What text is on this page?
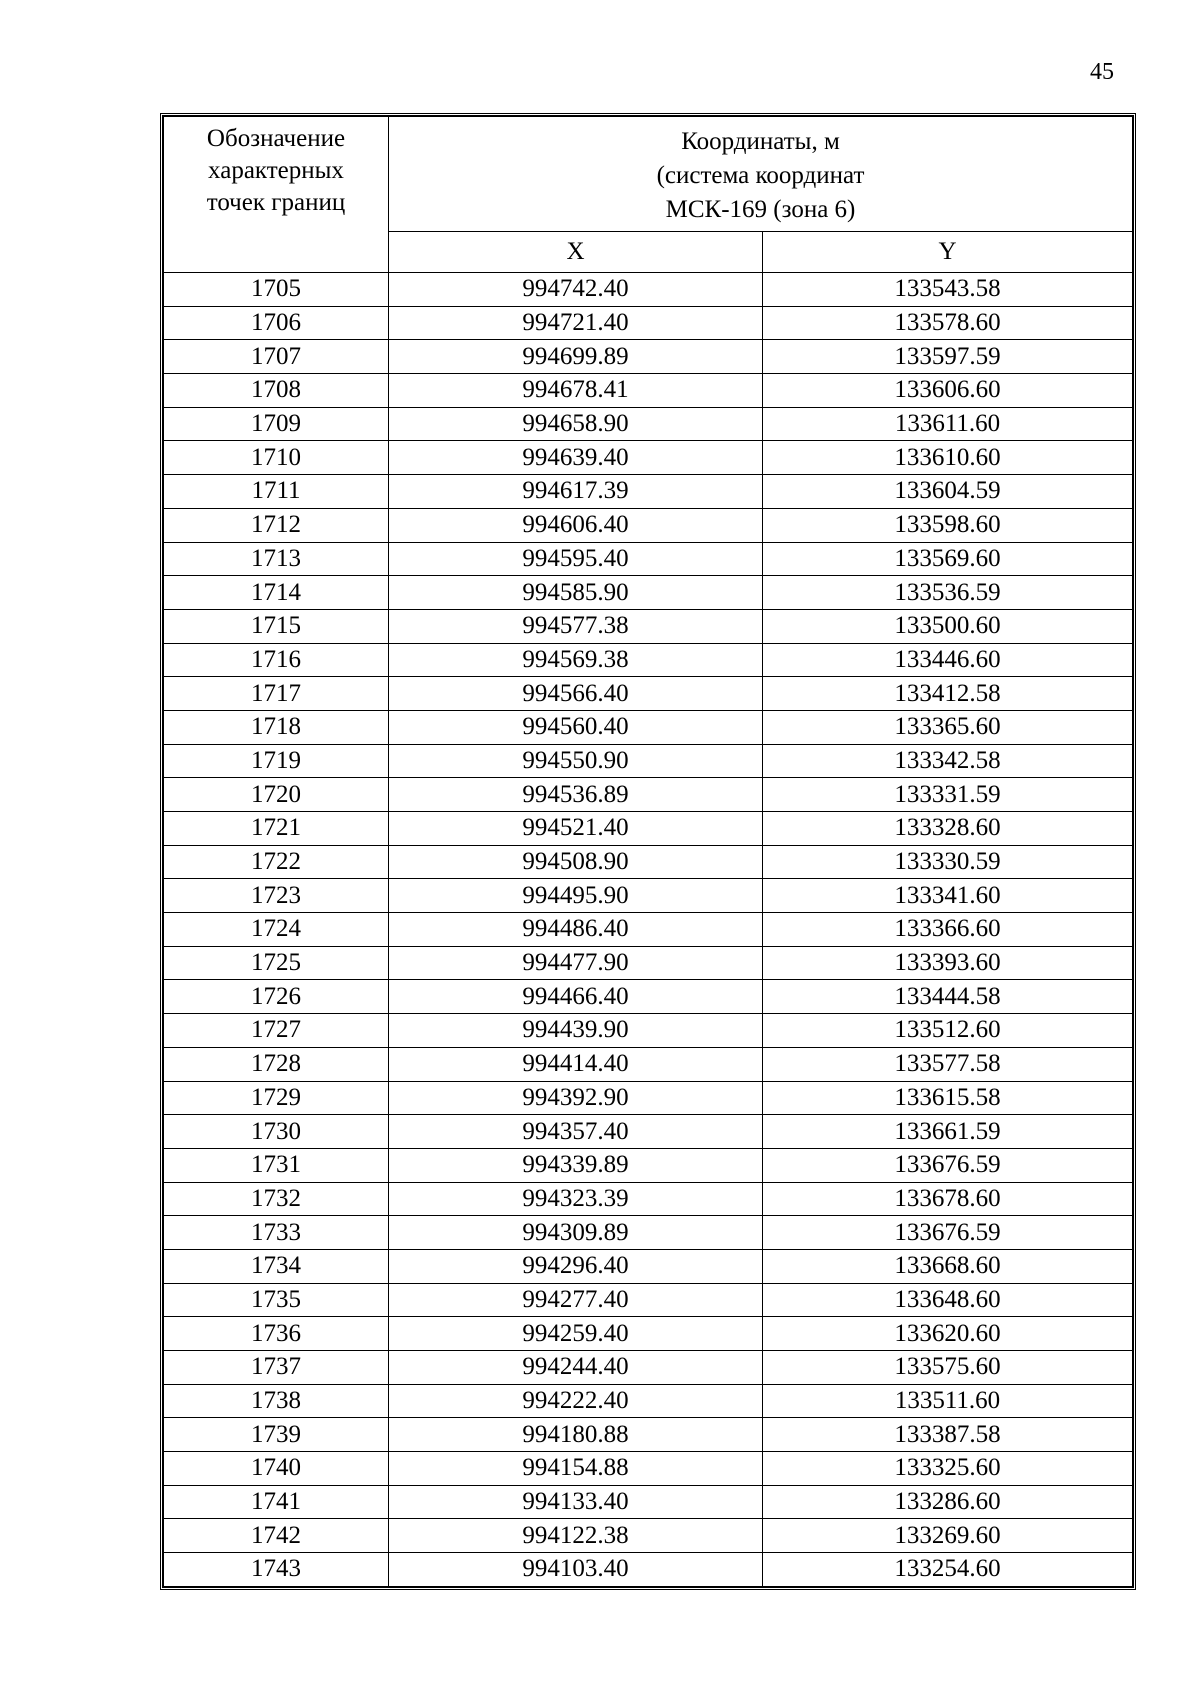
45
Обозначение
характерных
точек границ	Координаты, м
(система координат
МСК-169 (зона 6)	

	X	Y
1705	994742.40	133543.58
1706	994721.40	133578.60
1707	994699.89	133597.59
1708	994678.41	133606.60
1709	994658.90	133611.60
1710	994639.40	133610.60
1711	994617.39	133604.59
1712	994606.40	133598.60
1713	994595.40	133569.60
1714	994585.90	133536.59
1715	994577.38	133500.60
1716	994569.38	133446.60
1717	994566.40	133412.58
1718	994560.40	133365.60
1719	994550.90	133342.58
1720	994536.89	133331.59
1721	994521.40	133328.60
1722	994508.90	133330.59
1723	994495.90	133341.60
1724	994486.40	133366.60
1725	994477.90	133393.60
1726	994466.40	133444.58
1727	994439.90	133512.60
1728	994414.40	133577.58
1729	994392.90	133615.58
1730	994357.40	133661.59
1731	994339.89	133676.59
1732	994323.39	133678.60
1733	994309.89	133676.59
1734	994296.40	133668.60
1735	994277.40	133648.60
1736	994259.40	133620.60
1737	994244.40	133575.60
1738	994222.40	133511.60
1739	994180.88	133387.58
1740	994154.88	133325.60
1741	994133.40	133286.60
1742	994122.38	133269.60
1743	994103.40	133254.60
